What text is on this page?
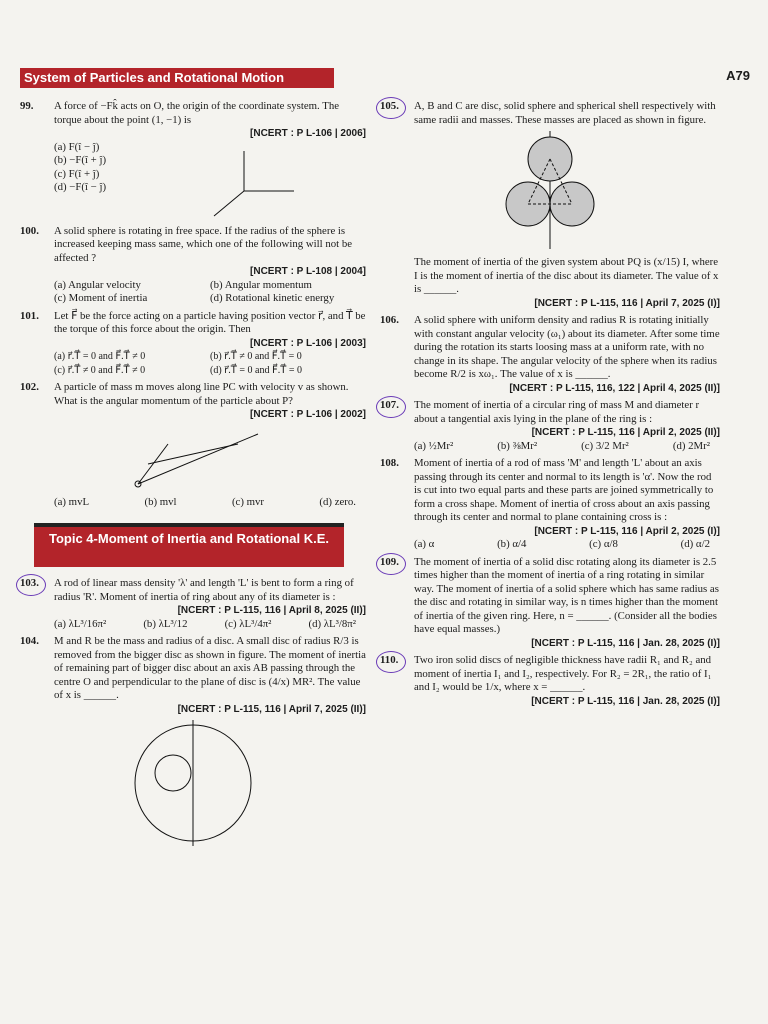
System of Particles and Rotational Motion	A79
99. A force of −Fk̂ acts on O, the origin of the coordinate system. The torque about the point (1, −1) is
[NCERT : P L-106 | 2006]
(a) F(î − ĵ)
(b) −F(î + ĵ)
(c) F(î + ĵ)
(d) −F(î − ĵ)
100. A solid sphere is rotating in free space. If the radius of the sphere is increased keeping mass same, which one of the following will not be affected ?
[NCERT : P L-108 | 2004]
(a) Angular velocity	(b) Angular momentum
(c) Moment of inertia	(d) Rotational kinetic energy
101. Let F⃗ be the force acting on a particle having position vector r⃗, and T⃗ be the torque of this force about the origin. Then
[NCERT : P L-106 | 2003]
(a) r⃗.T⃗ = 0 and F⃗.T⃗ ≠ 0	(b) r⃗.T⃗ ≠ 0 and F⃗.T⃗ = 0
(c) r⃗.T⃗ ≠ 0 and F⃗.T⃗ ≠ 0	(d) r⃗.T⃗ = 0 and F⃗.T⃗ = 0
102. A particle of mass m moves along line PC with velocity v as shown. What is the angular momentum of the particle about P?
[NCERT : P L-106 | 2002]
(a) mvL	(b) mvl	(c) mvr	(d) zero.
Topic 4-Moment of Inertia and Rotational K.E.
103. A rod of linear mass density 'λ' and length 'L' is bent to form a ring of radius 'R'. Moment of inertia of ring about any of its diameter is :
[NCERT : P L-115, 116 | April 8, 2025 (II)]
(a) λL³/16π²	(b) λL³/12	(c) λL³/4π²	(d) λL³/8π²
104. M and R be the mass and radius of a disc. A small disc of radius R/3 is removed from the bigger disc as shown in figure. The moment of inertia of remaining part of bigger disc about an axis AB passing through the centre O and perpendicular to the plane of disc is (4/x) MR². The value of x is ______.
[NCERT : P L-115, 116 | April 7, 2025 (II)]
105. A, B and C are disc, solid sphere and spherical shell respectively with same radii and masses. These masses are placed as shown in figure.
The moment of inertia of the given system about PQ is (x/15) I, where I is the moment of inertia of the disc about its diameter. The value of x is ______.
[NCERT : P L-115, 116 | April 7, 2025 (I)]
106. A solid sphere with uniform density and radius R is rotating initially with constant angular velocity (ω₁) about its diameter. After some time during the rotation its starts loosing mass at a uniform rate, with no change in its shape. The angular velocity of the sphere when its radius become R/2 is xω₁. The value of x is ______.
[NCERT : P L-115, 116, 122 | April 4, 2025 (II)]
107. The moment of inertia of a circular ring of mass M and diameter r about a tangential axis lying in the plane of the ring is :
[NCERT : P L-115, 116 | April 2, 2025 (II)]
(a) ½Mr²	(b) ⅜Mr²	(c) 3/2 Mr²	(d) 2Mr²
108. Moment of inertia of a rod of mass 'M' and length 'L' about an axis passing through its center and normal to its length is 'α'. Now the rod is cut into two equal parts and these parts are joined symmetrically to form a cross shape. Moment of inertia of cross about an axis passing through its center and normal to plane containing cross is :
[NCERT : P L-115, 116 | April 2, 2025 (I)]
(a) α	(b) α/4	(c) α/8	(d) α/2
109. The moment of inertia of a solid disc rotating along its diameter is 2.5 times higher than the moment of inertia of a ring rotating in similar way. The moment of inertia of a solid sphere which has same radius as the disc and rotating in similar way, is n times higher than the moment of inertia of the given ring. Here, n = ______. (Consider all the bodies have equal masses.)
[NCERT : P L-115, 116 | Jan. 28, 2025 (I)]
110. Two iron solid discs of negligible thickness have radii R₁ and R₂ and moment of inertia I₁ and I₂, respectively. For R₂ = 2R₁, the ratio of I₁ and I₂ would be 1/x, where x = ______.
[NCERT : P L-115, 116 | Jan. 28, 2025 (I)]
